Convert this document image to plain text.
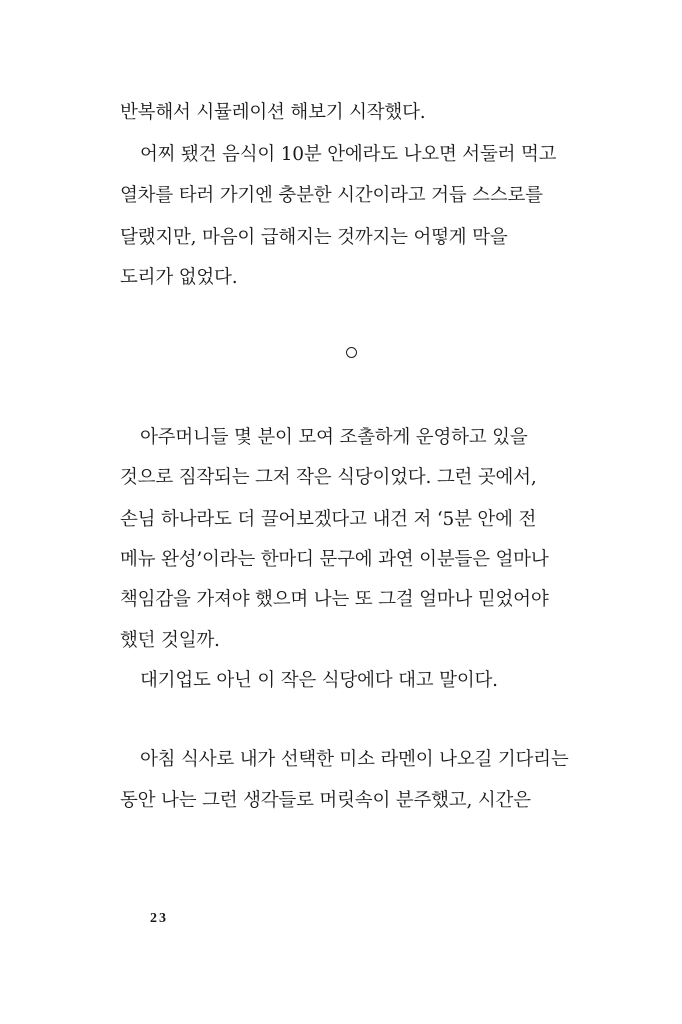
반복해서 시뮬레이션 해보기 시작했다.
어찌 됐건 음식이 10분 안에라도 나오면 서둘러 먹고
열차를 타러 가기엔 충분한 시간이라고 거듭 스스로를
달랬지만, 마음이 급해지는 것까지는 어떻게 막을
도리가 없었다.
아주머니들 몇 분이 모여 조촐하게 운영하고 있을
것으로 짐작되는 그저 작은 식당이었다. 그런 곳에서,
손님 하나라도 더 끌어보겠다고 내건 저 ‘5분 안에 전
메뉴 완성’이라는 한마디 문구에 과연 이분들은 얼마나
책임감을 가져야 했으며 나는 또 그걸 얼마나 믿었어야
했던 것일까.
대기업도 아닌 이 작은 식당에다 대고 말이다.
아침 식사로 내가 선택한 미소 라멘이 나오길 기다리는
동안 나는 그런 생각들로 머릿속이 분주했고, 시간은
23
